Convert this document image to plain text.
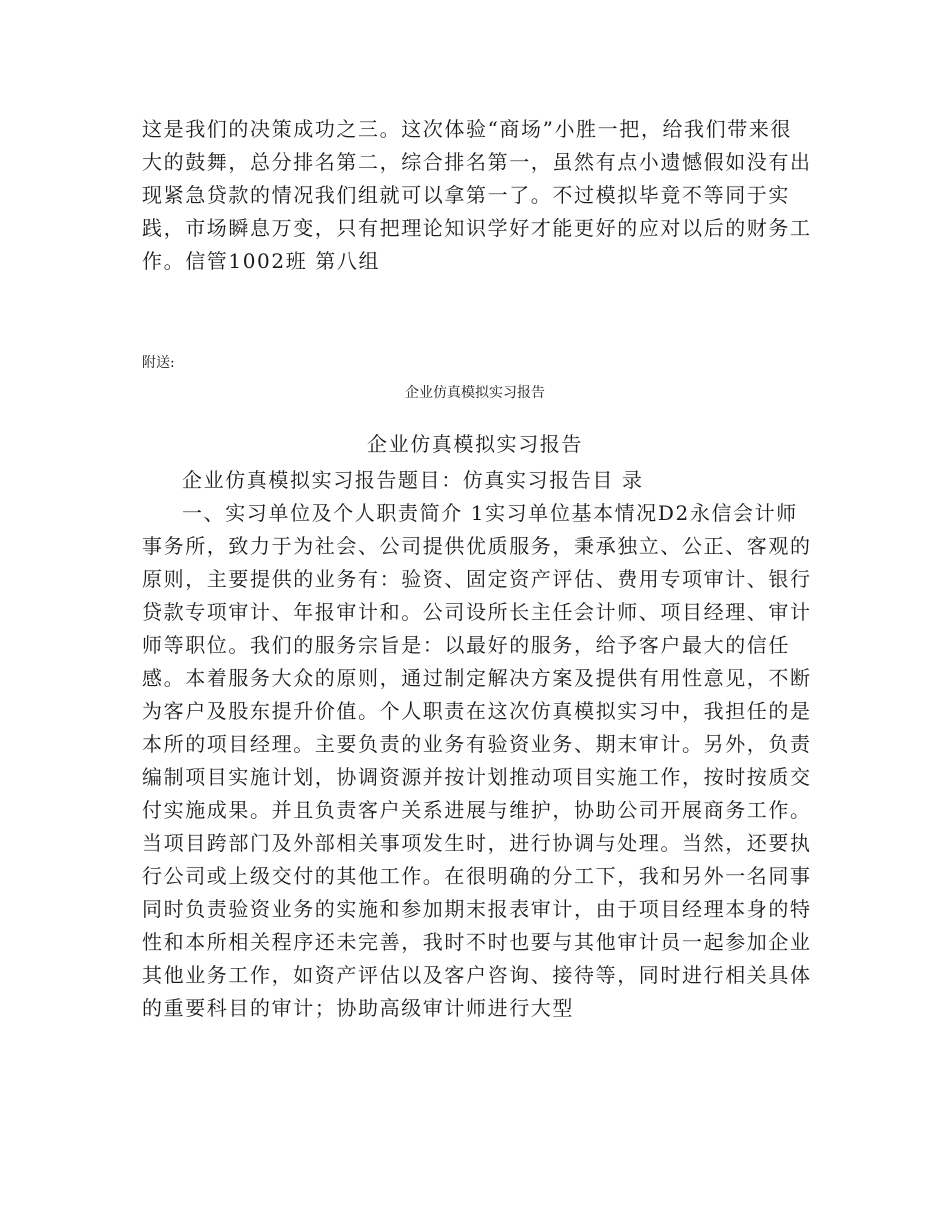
这是我们的决策成功之三。这次体验“商场”小胜一把，给我们带来很大的鼓舞，总分排名第二，综合排名第一，虽然有点小遗憾假如没有出现紧急贷款的情况我们组就可以拿第一了。不过模拟毕竟不等同于实践，市场瞬息万变，只有把理论知识学好才能更好的应对以后的财务工作。信管1002班 第八组

附送:

企业仿真模拟实习报告

企业仿真模拟实习报告

企业仿真模拟实习报告题目：仿真实习报告目 录

一、实习单位及个人职责简介 1实习单位基本情况D2永信会计师事务所，致力于为社会、公司提供优质服务，秉承独立、公正、客观的原则，主要提供的业务有：验资、固定资产评估、费用专项审计、银行贷款专项审计、年报审计和。公司设所长主任会计师、项目经理、审计师等职位。我们的服务宗旨是：以最好的服务，给予客户最大的信任感。本着服务大众的原则，通过制定解决方案及提供有用性意见，不断为客户及股东提升价值。个人职责在这次仿真模拟实习中，我担任的是本所的项目经理。主要负责的业务有验资业务、期末审计。另外，负责编制项目实施计划，协调资源并按计划推动项目实施工作，按时按质交付实施成果。并且负责客户关系进展与维护，协助公司开展商务工作。当项目跨部门及外部相关事项发生时，进行协调与处理。当然，还要执行公司或上级交付的其他工作。在很明确的分工下，我和另外一名同事同时负责验资业务的实施和参加期末报表审计，由于项目经理本身的特性和本所相关程序还未完善，我时不时也要与其他审计员一起参加企业其他业务工作，如资产评估以及客户咨询、接待等，同时进行相关具体的重要科目的审计；协助高级审计师进行大型
